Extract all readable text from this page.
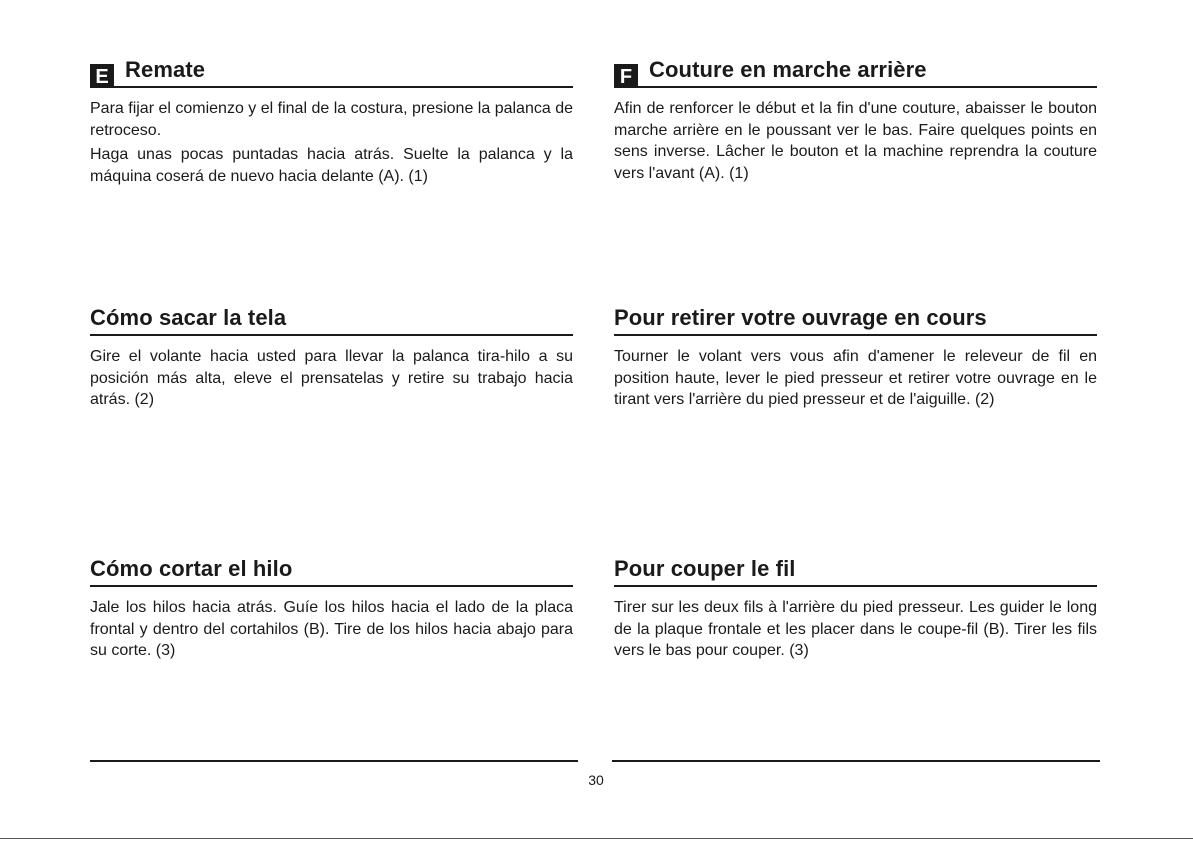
E Remate

Para fijar el comienzo y el final de la costura, presione la palanca de retroceso.

Haga unas pocas puntadas hacia atrás. Suelte la palanca y la máquina coserá de nuevo hacia delante (A). (1)

Cómo sacar la tela

Gire el volante hacia usted para llevar la palanca tira-hilo a su posición más alta, eleve el prensatelas y retire su trabajo hacia atrás. (2)

Cómo cortar el hilo

Jale los hilos hacia atrás. Guíe los hilos hacia el lado de la placa frontal y dentro del cortahilos (B). Tire de los hilos hacia abajo para su corte. (3)

F Couture en marche arrière

Afin de renforcer le début et la fin d'une couture, abaisser le bouton marche arrière en le poussant ver le bas. Faire quelques points en sens inverse. Lâcher le bouton et la machine reprendra la couture vers l'avant (A). (1)

Pour retirer votre ouvrage en cours

Tourner le volant vers vous afin d'amener le releveur de fil en position haute, lever le pied presseur et retirer votre ouvrage en le tirant vers l'arrière du pied presseur et de l'aiguille. (2)

Pour couper le fil

Tirer sur les deux fils à l'arrière du pied presseur. Les guider le long de la plaque frontale et les placer dans le coupe-fil (B). Tirer les fils vers le bas pour couper. (3)

30
